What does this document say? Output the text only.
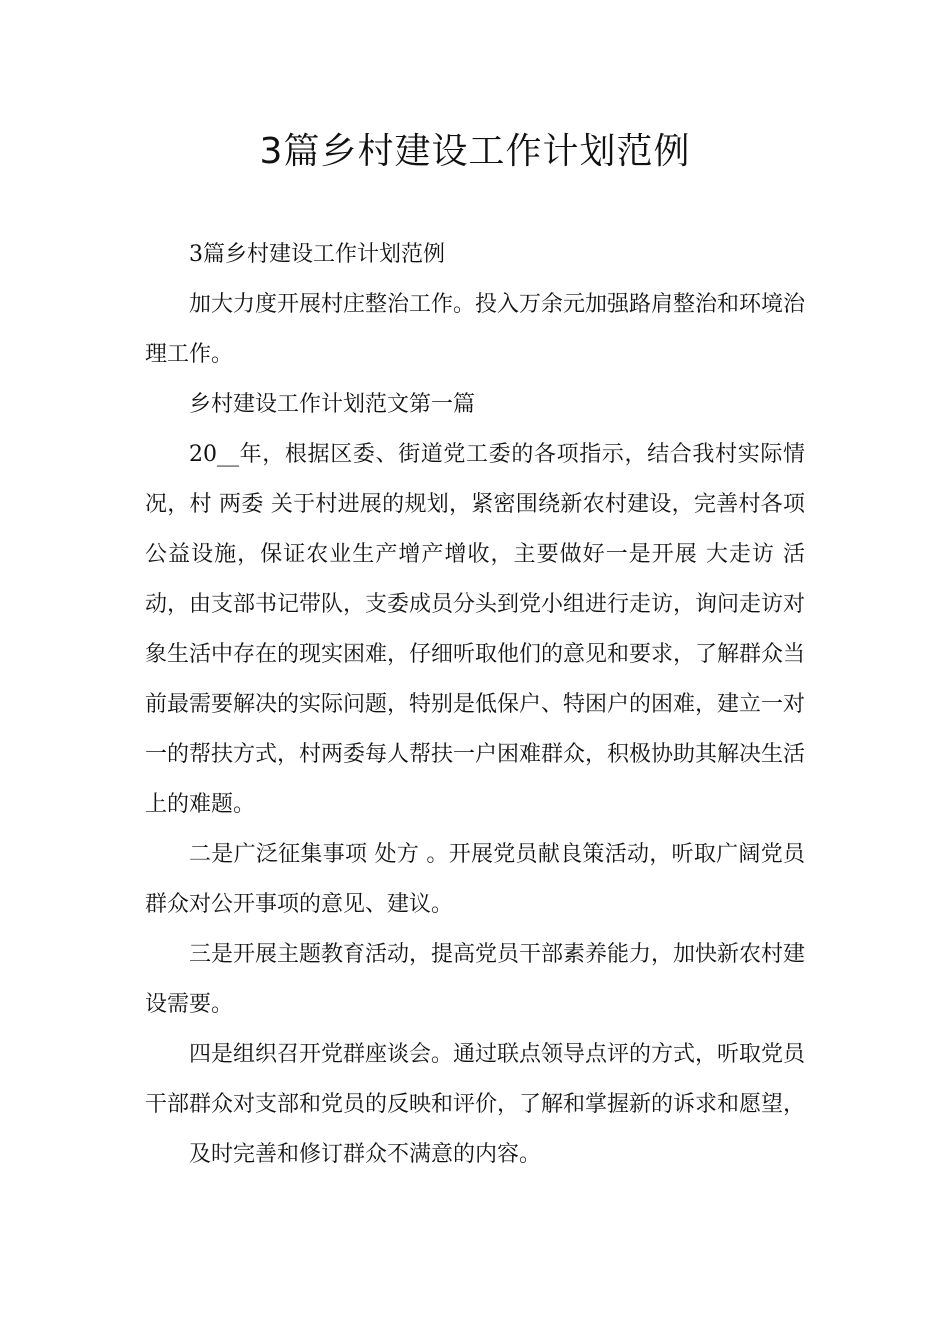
3篇乡村建设工作计划范例

3篇乡村建设工作计划范例

加大力度开展村庄整治工作。投入万余元加强路肩整治和环境治理工作。

乡村建设工作计划范文第一篇

20__年，根据区委、街道党工委的各项指示，结合我村实际情况，村 两委 关于村进展的规划，紧密围绕新农村建设，完善村各项公益设施，保证农业生产增产增收，主要做好一是开展 大走访 活动，由支部书记带队，支委成员分头到党小组进行走访，询问走访对象生活中存在的现实困难，仔细听取他们的意见和要求，了解群众当前最需要解决的实际问题，特别是低保户、特困户的困难，建立一对一的帮扶方式，村两委每人帮扶一户困难群众，积极协助其解决生活上的难题。

二是广泛征集事项 处方 。开展党员献良策活动，听取广阔党员群众对公开事项的意见、建议。

三是开展主题教育活动，提高党员干部素养能力，加快新农村建设需要。

四是组织召开党群座谈会。通过联点领导点评的方式，听取党员干部群众对支部和党员的反映和评价，了解和掌握新的诉求和愿望，

及时完善和修订群众不满意的内容。
